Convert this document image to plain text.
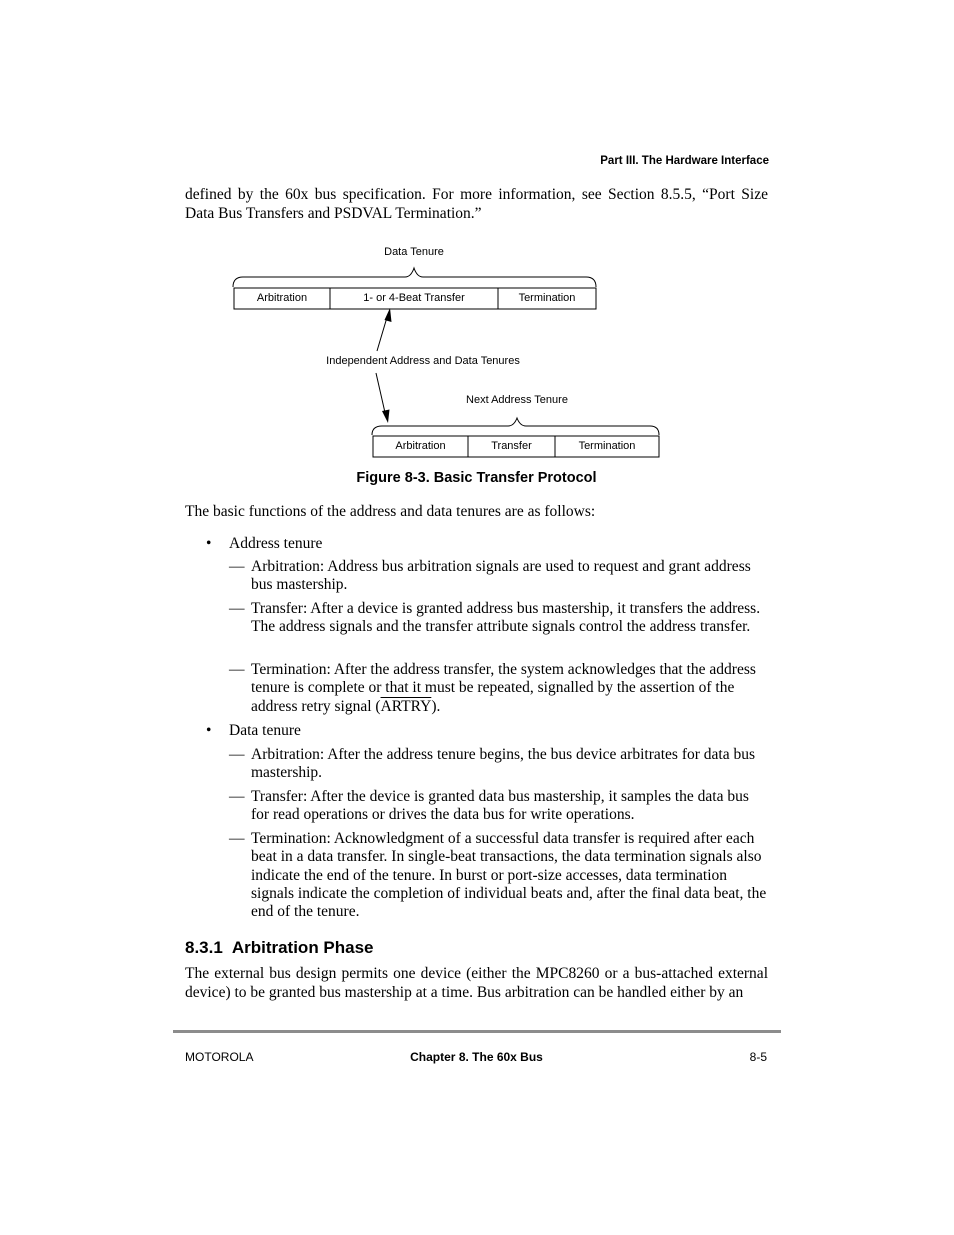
Part III. The Hardware Interface
defined by the 60x bus specification. For more information, see Section 8.5.5, “Port Size Data Bus Transfers and PSDVAL Termination.”
Data Tenure
Arbitration	1- or 4-Beat Transfer	Termination
Independent Address and Data Tenures
Next Address Tenure
Arbitration	Transfer	Termination
Figure 8-3. Basic Transfer Protocol
The basic functions of the address and data tenures are as follows:
• Address tenure
— Arbitration: Address bus arbitration signals are used to request and grant address bus mastership.
— Transfer: After a device is granted address bus mastership, it transfers the address. The address signals and the transfer attribute signals control the address transfer.
— Termination: After the address transfer, the system acknowledges that the address tenure is complete or that it must be repeated, signalled by the assertion of the address retry signal (ARTRY).
• Data tenure
— Arbitration: After the address tenure begins, the bus device arbitrates for data bus mastership.
— Transfer: After the device is granted data bus mastership, it samples the data bus for read operations or drives the data bus for write operations.
— Termination: Acknowledgment of a successful data transfer is required after each beat in a data transfer. In single-beat transactions, the data termination signals also indicate the end of the tenure. In burst or port-size accesses, data termination signals indicate the completion of individual beats and, after the final data beat, the end of the tenure.
8.3.1 Arbitration Phase
The external bus design permits one device (either the MPC8260 or a bus-attached external device) to be granted bus mastership at a time. Bus arbitration can be handled either by an
MOTOROLA	Chapter 8. The 60x Bus	8-5
